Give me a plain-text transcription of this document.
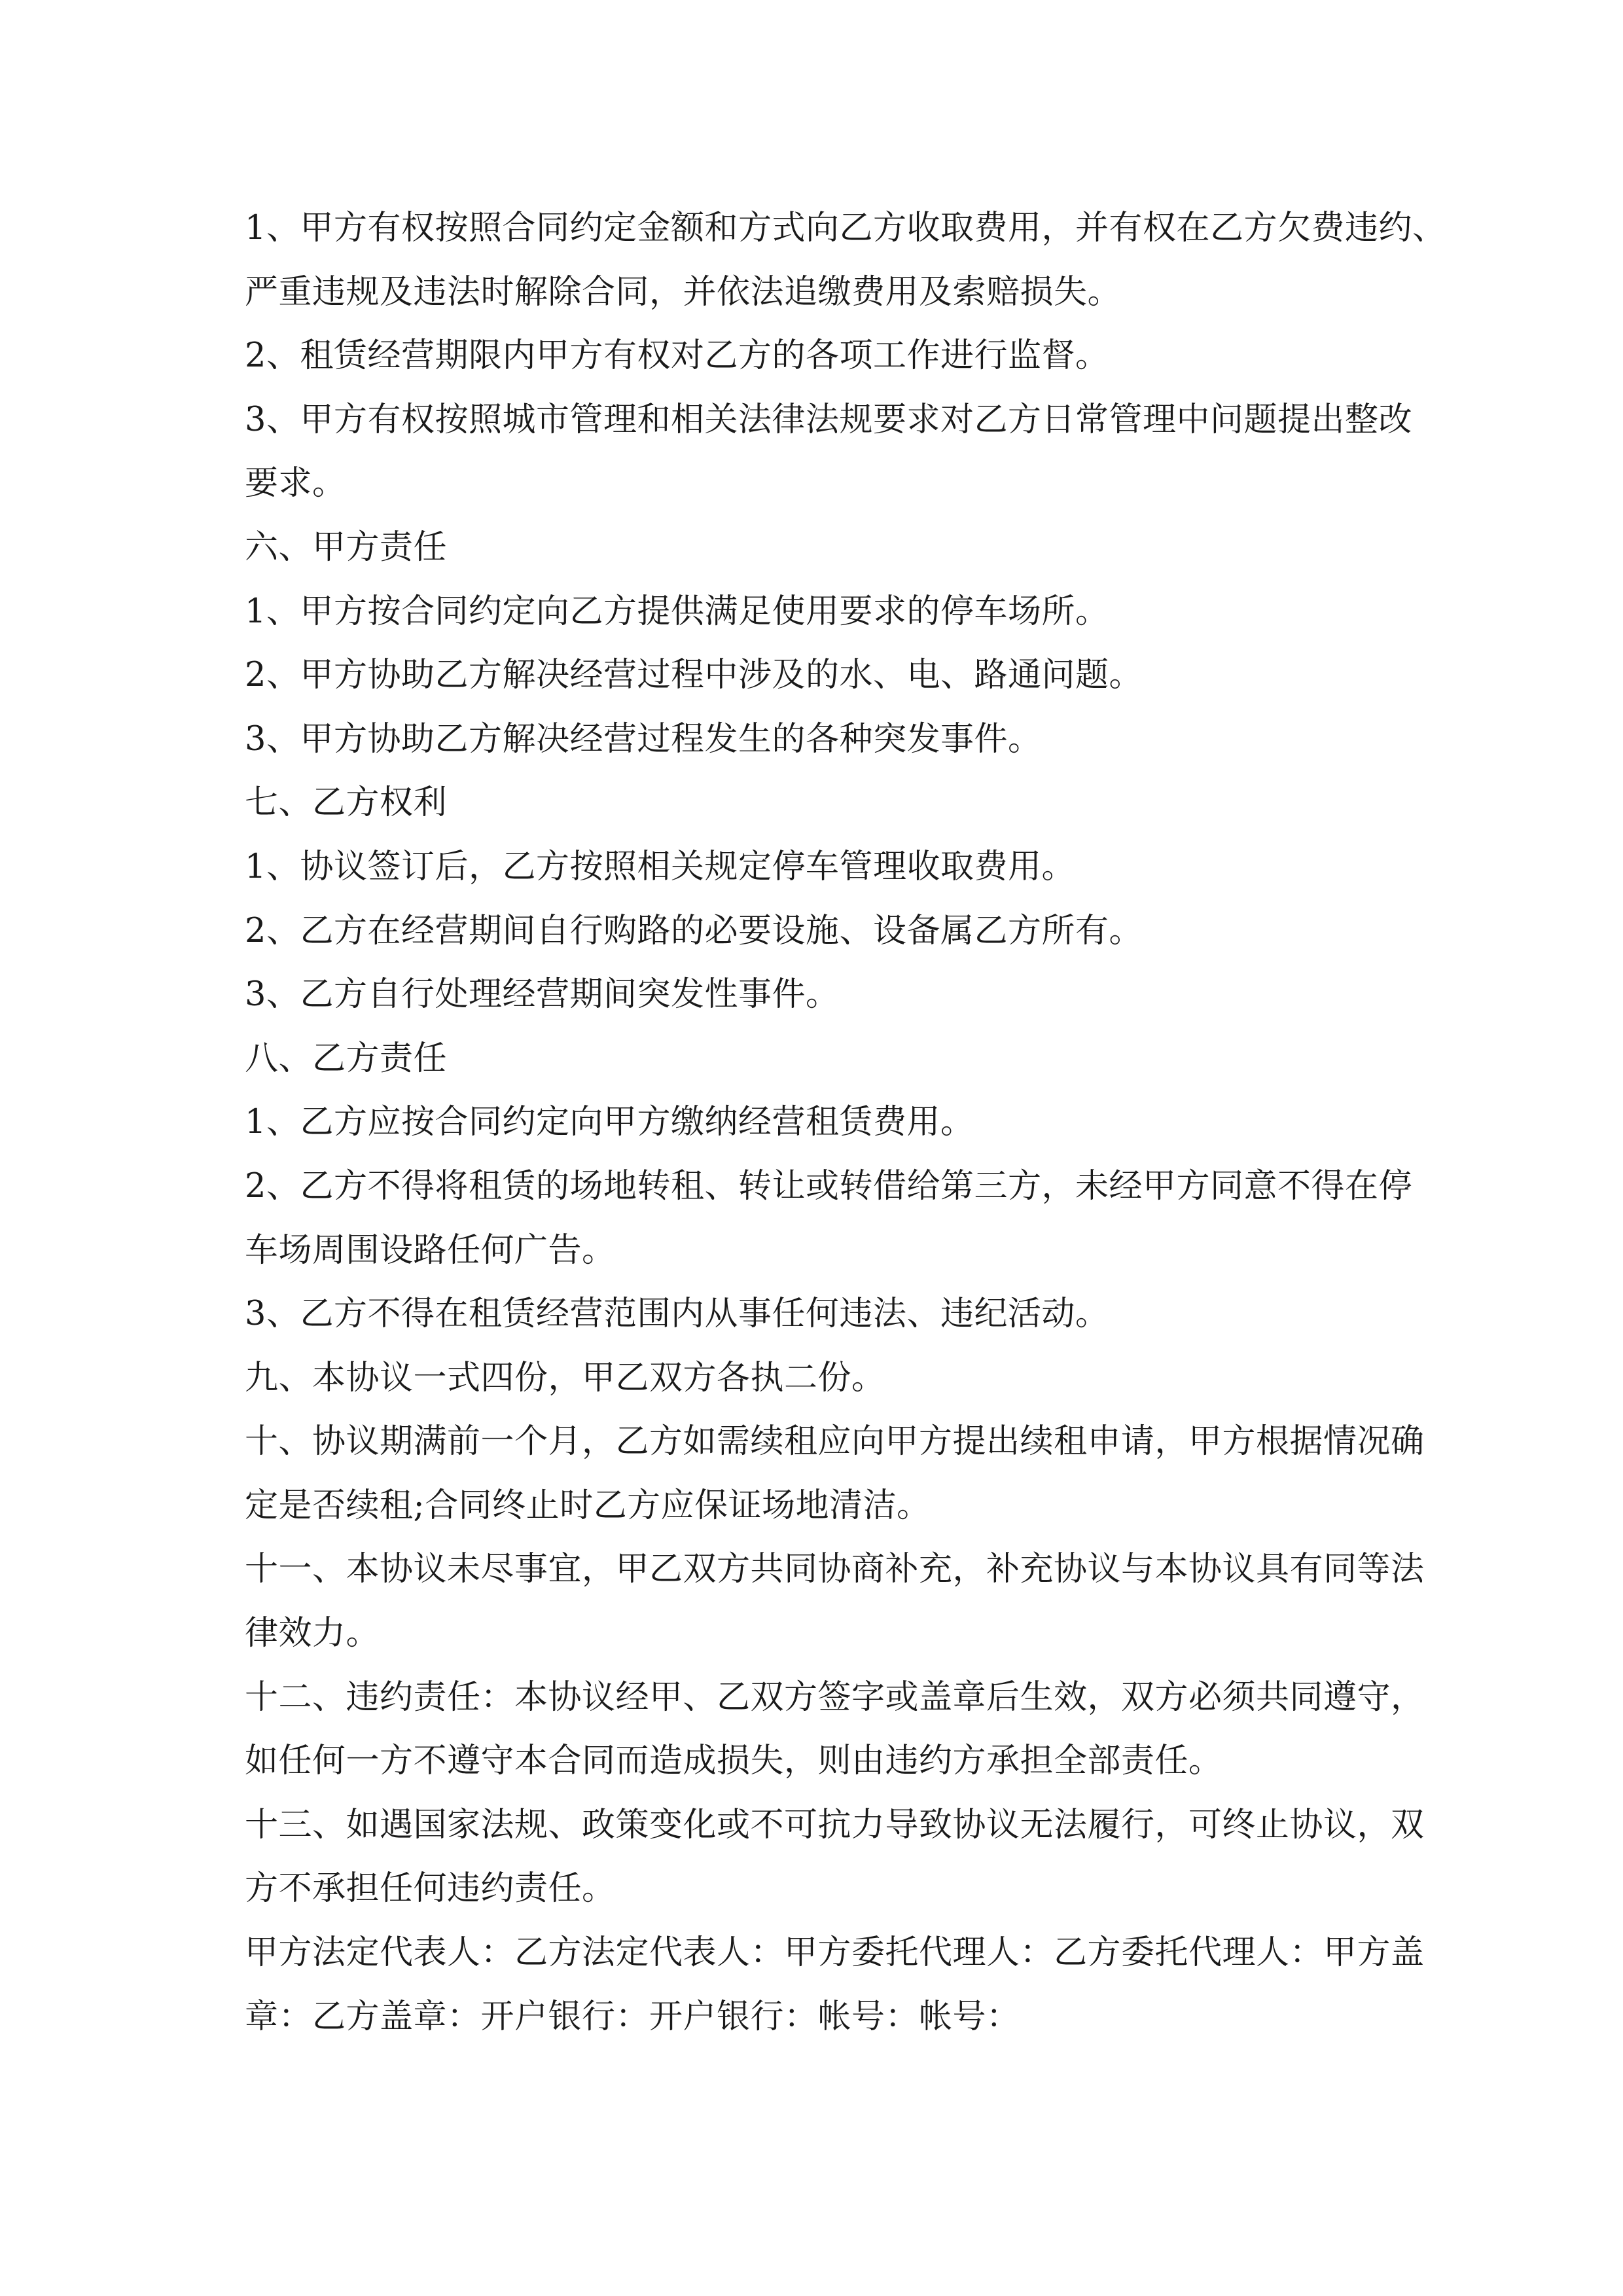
1、甲方有权按照合同约定金额和方式向乙方收取费用，并有权在乙方欠费违约、
严重违规及违法时解除合同，并依法追缴费用及索赔损失。
2、租赁经营期限内甲方有权对乙方的各项工作进行监督。
3、甲方有权按照城市管理和相关法律法规要求对乙方日常管理中问题提出整改
要求。
六、甲方责任
1、甲方按合同约定向乙方提供满足使用要求的停车场所。
2、甲方协助乙方解决经营过程中涉及的水、电、路通问题。
3、甲方协助乙方解决经营过程发生的各种突发事件。
七、乙方权利
1、协议签订后，乙方按照相关规定停车管理收取费用。
2、乙方在经营期间自行购路的必要设施、设备属乙方所有。
3、乙方自行处理经营期间突发性事件。
八、乙方责任
1、乙方应按合同约定向甲方缴纳经营租赁费用。
2、乙方不得将租赁的场地转租、转让或转借给第三方，未经甲方同意不得在停
车场周围设路任何广告。
3、乙方不得在租赁经营范围内从事任何违法、违纪活动。
九、本协议一式四份，甲乙双方各执二份。
十、协议期满前一个月，乙方如需续租应向甲方提出续租申请，甲方根据情况确
定是否续租;合同终止时乙方应保证场地清洁。
十一、本协议未尽事宜，甲乙双方共同协商补充，补充协议与本协议具有同等法
律效力。
十二、违约责任：本协议经甲、乙双方签字或盖章后生效，双方必须共同遵守，
如任何一方不遵守本合同而造成损失，则由违约方承担全部责任。
十三、如遇国家法规、政策变化或不可抗力导致协议无法履行，可终止协议，双
方不承担任何违约责任。
甲方法定代表人：乙方法定代表人：甲方委托代理人：乙方委托代理人：甲方盖
章：乙方盖章：开户银行：开户银行：帐号：帐号：
